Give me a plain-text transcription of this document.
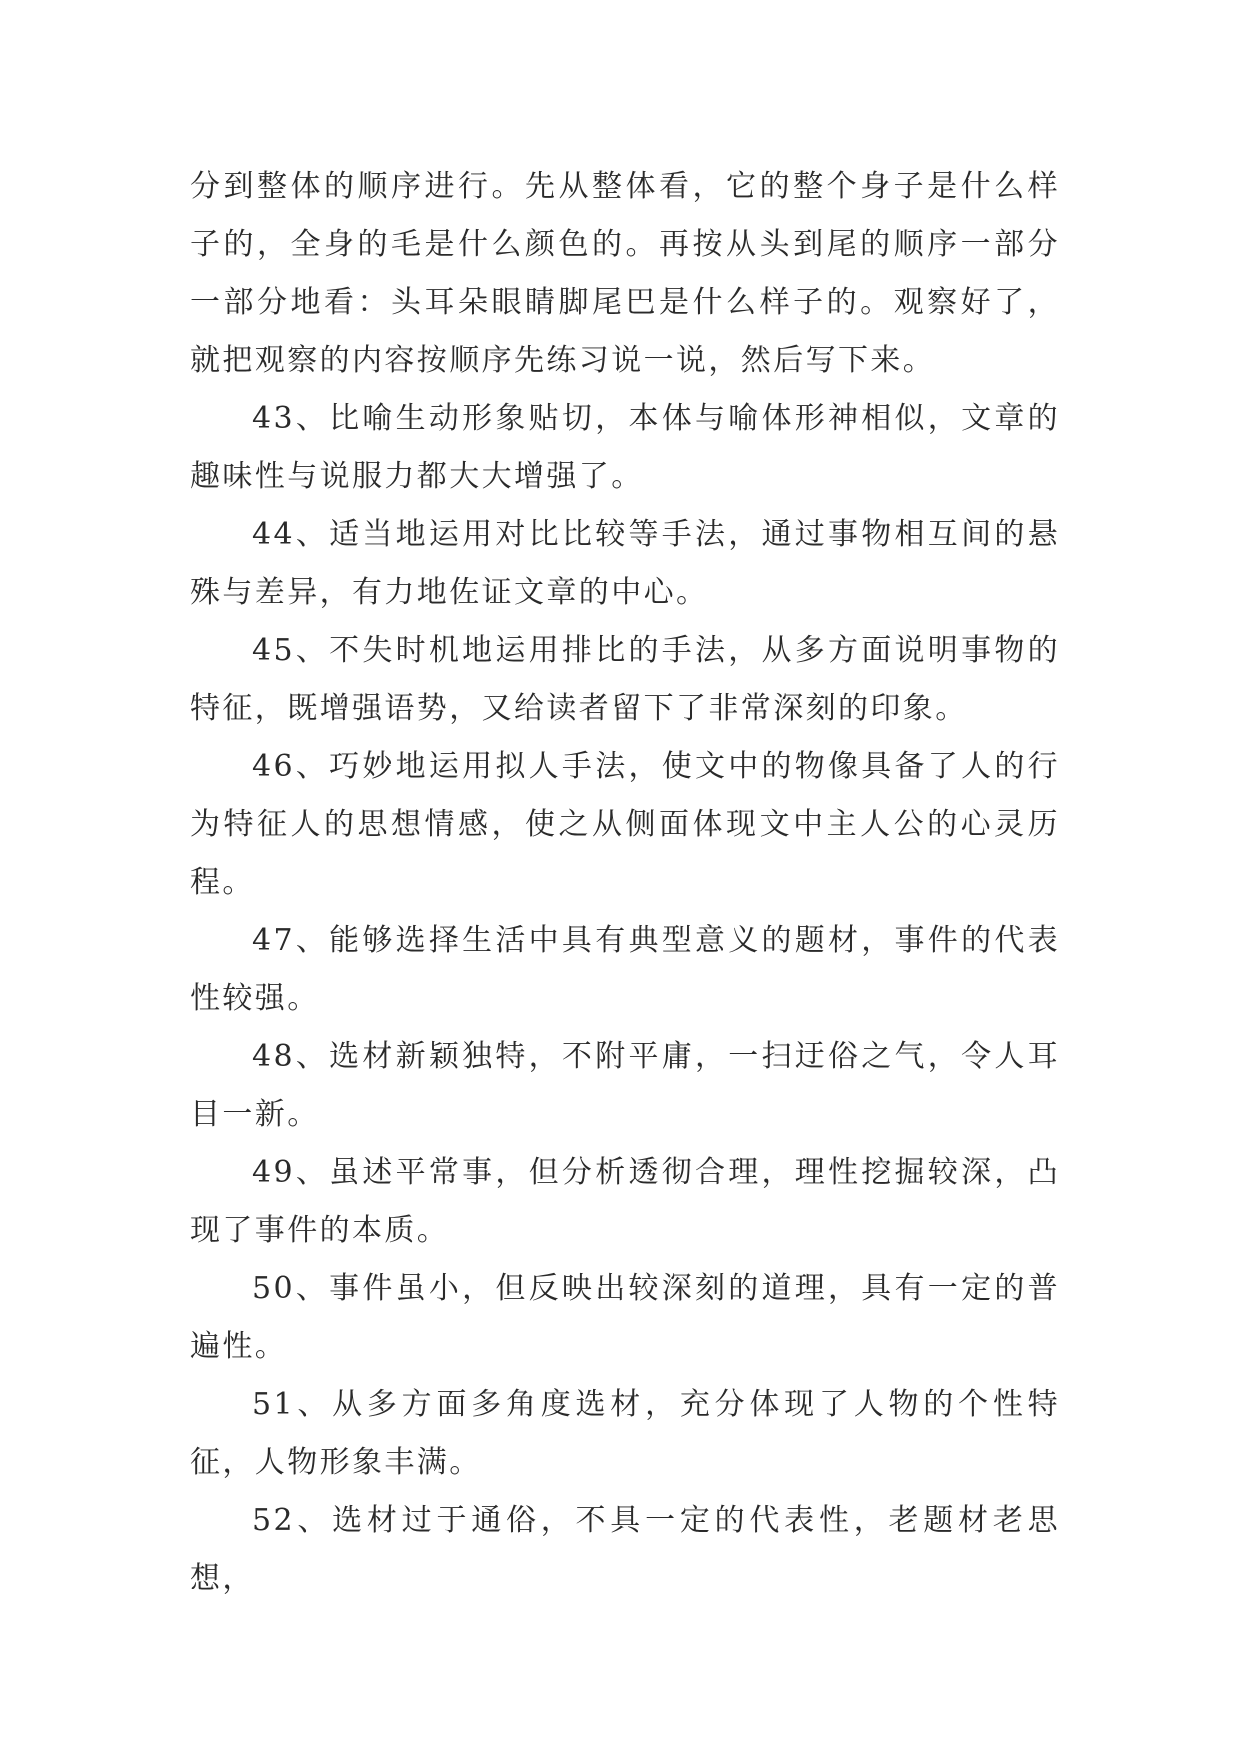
分到整体的顺序进行。先从整体看，它的整个身子是什么样子的，全身的毛是什么颜色的。再按从头到尾的顺序一部分一部分地看：头耳朵眼睛脚尾巴是什么样子的。观察好了，就把观察的内容按顺序先练习说一说，然后写下来。

43、比喻生动形象贴切，本体与喻体形神相似，文章的趣味性与说服力都大大增强了。

44、适当地运用对比比较等手法，通过事物相互间的悬殊与差异，有力地佐证文章的中心。

45、不失时机地运用排比的手法，从多方面说明事物的特征，既增强语势，又给读者留下了非常深刻的印象。

46、巧妙地运用拟人手法，使文中的物像具备了人的行为特征人的思想情感，使之从侧面体现文中主人公的心灵历程。

47、能够选择生活中具有典型意义的题材，事件的代表性较强。

48、选材新颖独特，不附平庸，一扫迂俗之气，令人耳目一新。

49、虽述平常事，但分析透彻合理，理性挖掘较深，凸现了事件的本质。

50、事件虽小，但反映出较深刻的道理，具有一定的普遍性。

51、从多方面多角度选材，充分体现了人物的个性特征，人物形象丰满。

52、选材过于通俗，不具一定的代表性，老题材老思想，
